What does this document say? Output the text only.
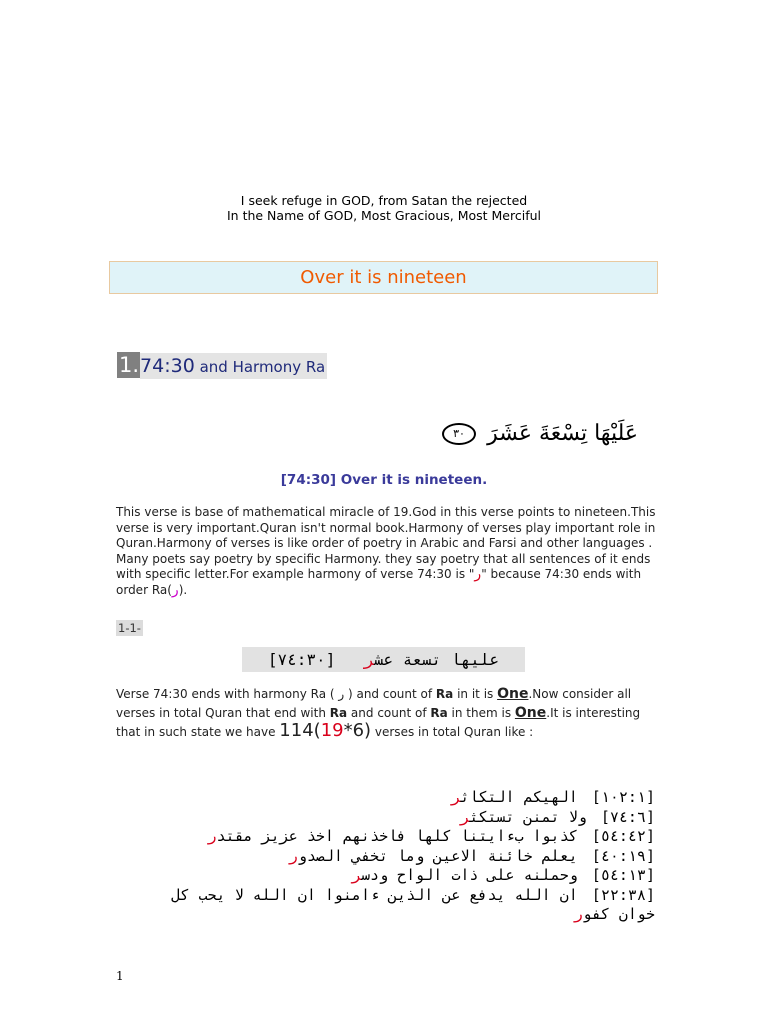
I seek refuge in GOD, from Satan the rejected
In the Name of GOD, Most Gracious, Most Merciful
Over it is nineteen
1.74:30 and Harmony Ra
عَلَيْهَا تِسْعَةَ عَشَرَ ٣٠
[74:30] Over it is nineteen.
This verse is base of mathematical miracle of 19.God in this verse points to nineteen.This verse is very important.Quran isn't normal book.Harmony of verses play important role in Quran.Harmony of verses is like order of poetry in Arabic and Farsi and other languages . Many poets say poetry by specific Harmony. they say poetry that all sentences of it ends with specific letter.For example harmony of verse 74:30 is "ر" because 74:30 ends with order Ra(ر).
1-1-
عليها تسعة عشر   [٧٤:٣٠]
Verse 74:30 ends with harmony Ra ( ر ) and count of Ra in it is One.Now consider all verses in total Quran that end with Ra and count of Ra in them is One.It is interesting that in such state we have 114(19*6) verses in total Quran like :
[١٠٢:١]الهيكم التكاثر
[٧٤:٦]ولا تمنن تستكثر
[٥٤:٤٢]كذبوا بءايتنا كلها فاخذنهم اخذ عزيز مقتدر
[٤٠:١٩]يعلم خائنة الاعين وما تخفي الصدور
[٥٤:١٣]وحملنه على ذات الواح ودسر
[٢٢:٣٨]ان الله يدفع عن الذين ءامنوا ان الله لا يحب كل
خوان كفور
1
